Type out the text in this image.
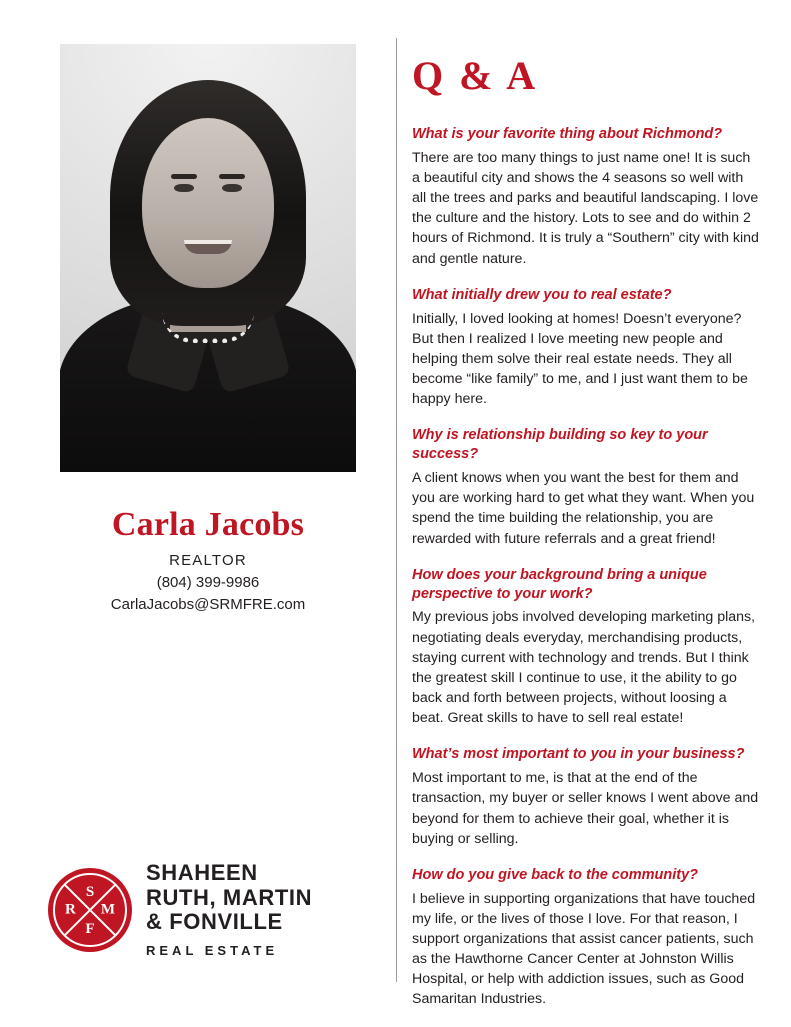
Carla Jacobs
REALTOR
(804) 399-9986
CarlaJacobs@SRMFRE.com
S
R M
F
SHAHEEN
RUTH, MARTIN
& FONVILLE
REAL ESTATE
Q & A

What is your favorite thing about Richmond?

There are too many things to just name one! It is such a beautiful city and shows the 4 seasons so well with all the trees and parks and beautiful landscaping. I love the culture and the history. Lots to see and do within 2 hours of Richmond. It is truly a “Southern” city with kind and gentle nature.

What initially drew you to real estate?

Initially, I loved looking at homes! Doesn’t everyone? But then I realized I love meeting new people and helping them solve their real estate needs. They all become “like family” to me, and I just want them to be happy here.

Why is relationship building so key to your success?

A client knows when you want the best for them and you are working hard to get what they want. When you spend the time building the relationship, you are rewarded with future referrals and a great friend!

How does your background bring a unique perspective to your work?

My previous jobs involved developing marketing plans, negotiating deals everyday, merchandising products, staying current with technology and trends. But I think the greatest skill I continue to use, it the ability to go back and forth between projects, without loosing a beat. Great skills to have to sell real estate!

What’s most important to you in your business?

Most important to me, is that at the end of the transaction, my buyer or seller knows I went above and beyond for them to achieve their goal, whether it is buying or selling.

How do you give back to the community?

I believe in supporting organizations that have touched my life, or the lives of those I love. For that reason, I support organizations that assist cancer patients, such as the Hawthorne Cancer Center at Johnston Willis Hospital, or help with addiction issues, such as Good Samaritan Industries.
